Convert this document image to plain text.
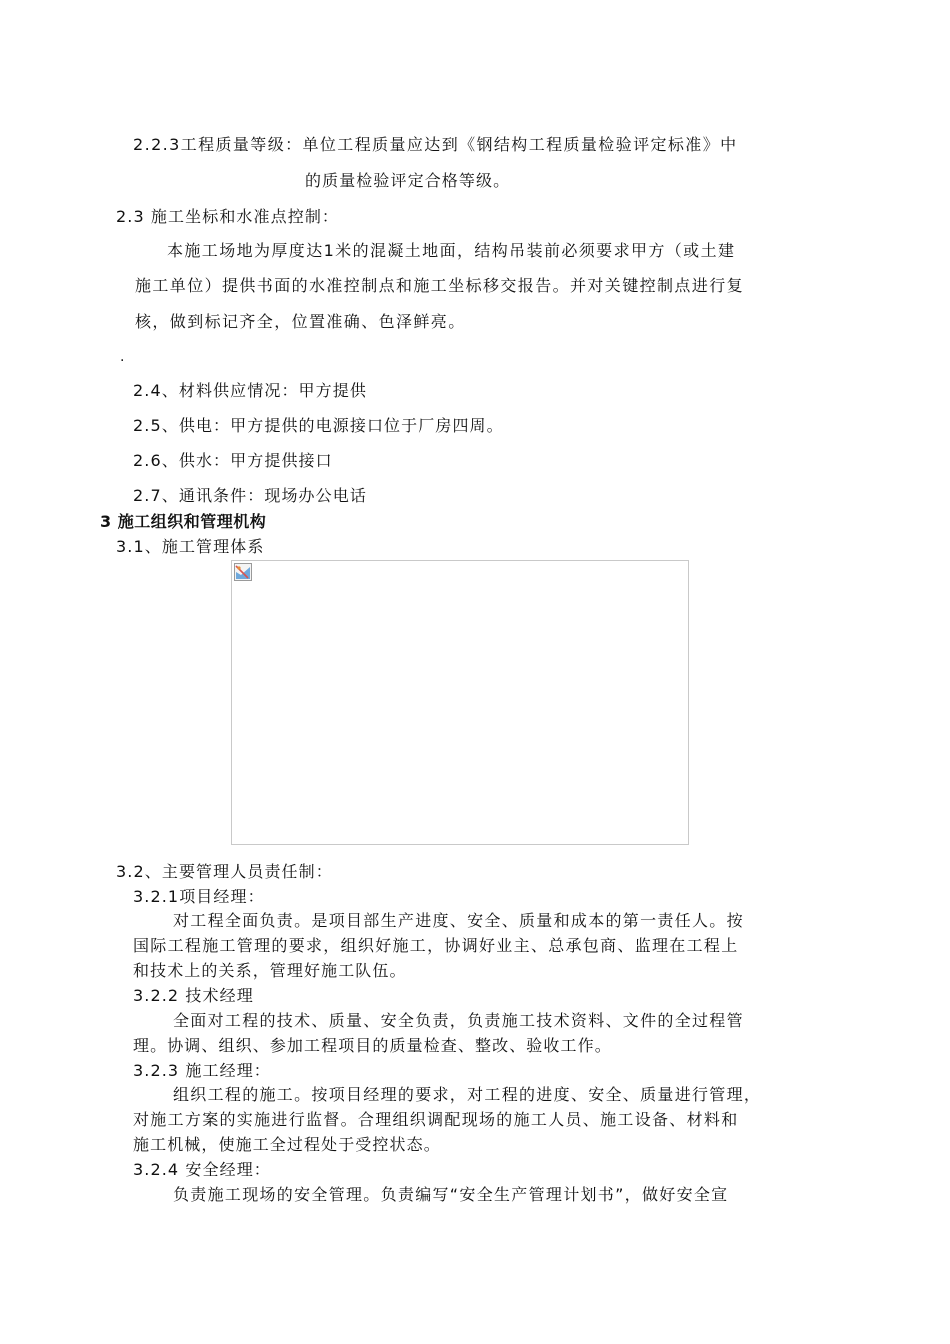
2.2.3工程质量等级：单位工程质量应达到《钢结构工程质量检验评定标准》中
的质量检验评定合格等级。
2.3 施工坐标和水准点控制：
本施工场地为厚度达1米的混凝土地面，结构吊装前必须要求甲方（或土建
施工单位）提供书面的水准控制点和施工坐标移交报告。并对关键控制点进行复
核，做到标记齐全，位置准确、色泽鲜亮。
.
2.4、材料供应情况：甲方提供
2.5、供电：甲方提供的电源接口位于厂房四周。
2.6、供水：甲方提供接口
2.7、通讯条件：现场办公电话
3 施工组织和管理机构
3.1、施工管理体系
3.2、主要管理人员责任制：
3.2.1项目经理：
对工程全面负责。是项目部生产进度、安全、质量和成本的第一责任人。按
国际工程施工管理的要求，组织好施工，协调好业主、总承包商、监理在工程上
和技术上的关系，管理好施工队伍。
3.2.2 技术经理
全面对工程的技术、质量、安全负责，负责施工技术资料、文件的全过程管
理。协调、组织、参加工程项目的质量检查、整改、验收工作。
3.2.3 施工经理：
组织工程的施工。按项目经理的要求，对工程的进度、安全、质量进行管理，
对施工方案的实施进行监督。合理组织调配现场的施工人员、施工设备、材料和
施工机械，使施工全过程处于受控状态。
3.2.4 安全经理：
负责施工现场的安全管理。负责编写“安全生产管理计划书”，做好安全宣
